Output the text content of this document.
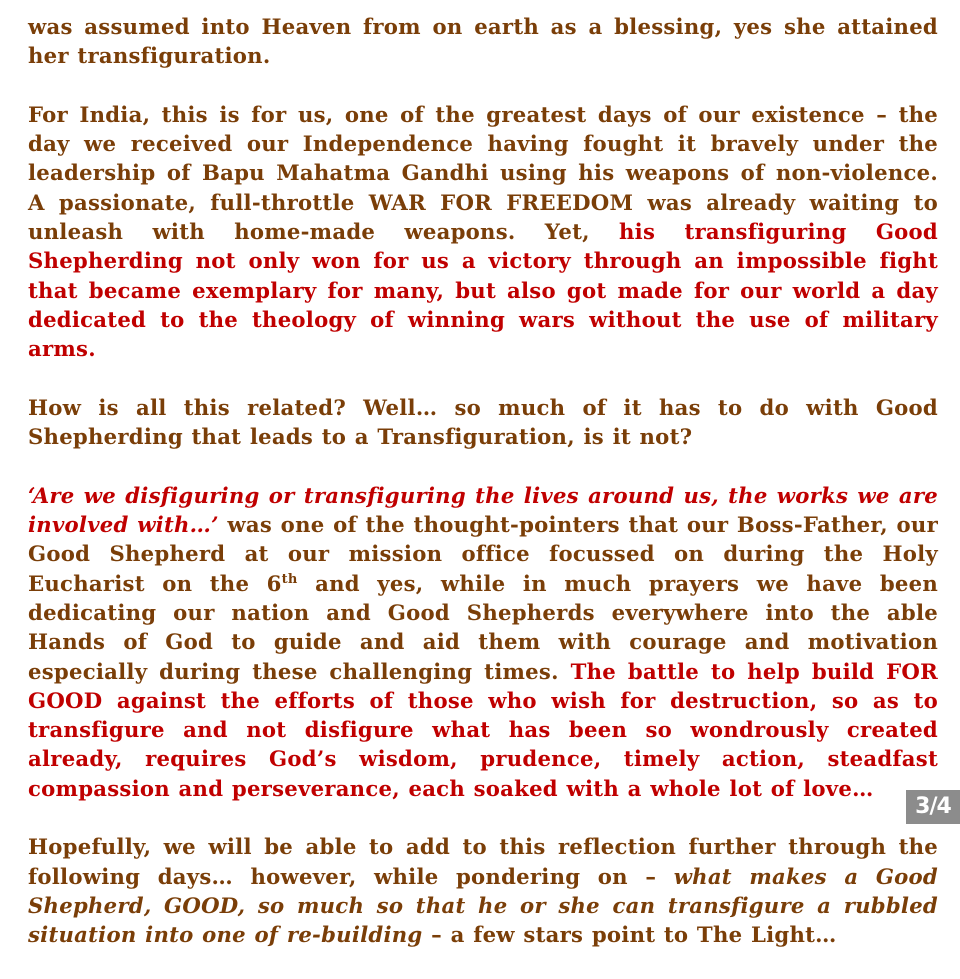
was assumed into Heaven from on earth as a blessing, yes she attained her transfiguration.

For India, this is for us, one of the greatest days of our existence – the day we received our Independence having fought it bravely under the leadership of Bapu Mahatma Gandhi using his weapons of non-violence. A passionate, full-throttle WAR FOR FREEDOM was already waiting to unleash with home-made weapons. Yet, his transfiguring Good Shepherding not only won for us a victory through an impossible fight that became exemplary for many, but also got made for our world a day dedicated to the theology of winning wars without the use of military arms.

How is all this related? Well… so much of it has to do with Good Shepherding that leads to a Transfiguration, is it not?

‘Are we disfiguring or transfiguring the lives around us, the works we are involved with…’ was one of the thought-pointers that our Boss-Father, our Good Shepherd at our mission office focussed on during the Holy Eucharist on the 6th and yes, while in much prayers we have been dedicating our nation and Good Shepherds everywhere into the able Hands of God to guide and aid them with courage and motivation especially during these challenging times. The battle to help build FOR GOOD against the efforts of those who wish for destruction, so as to transfigure and not disfigure what has been so wondrously created already, requires God’s wisdom, prudence, timely action, steadfast compassion and perseverance, each soaked with a whole lot of love…

Hopefully, we will be able to add to this reflection further through the following days… however, while pondering on – what makes a Good Shepherd, GOOD, so much so that he or she can transfigure a rubbled situation into one of re-building – a few stars point to The Light…

3/4
